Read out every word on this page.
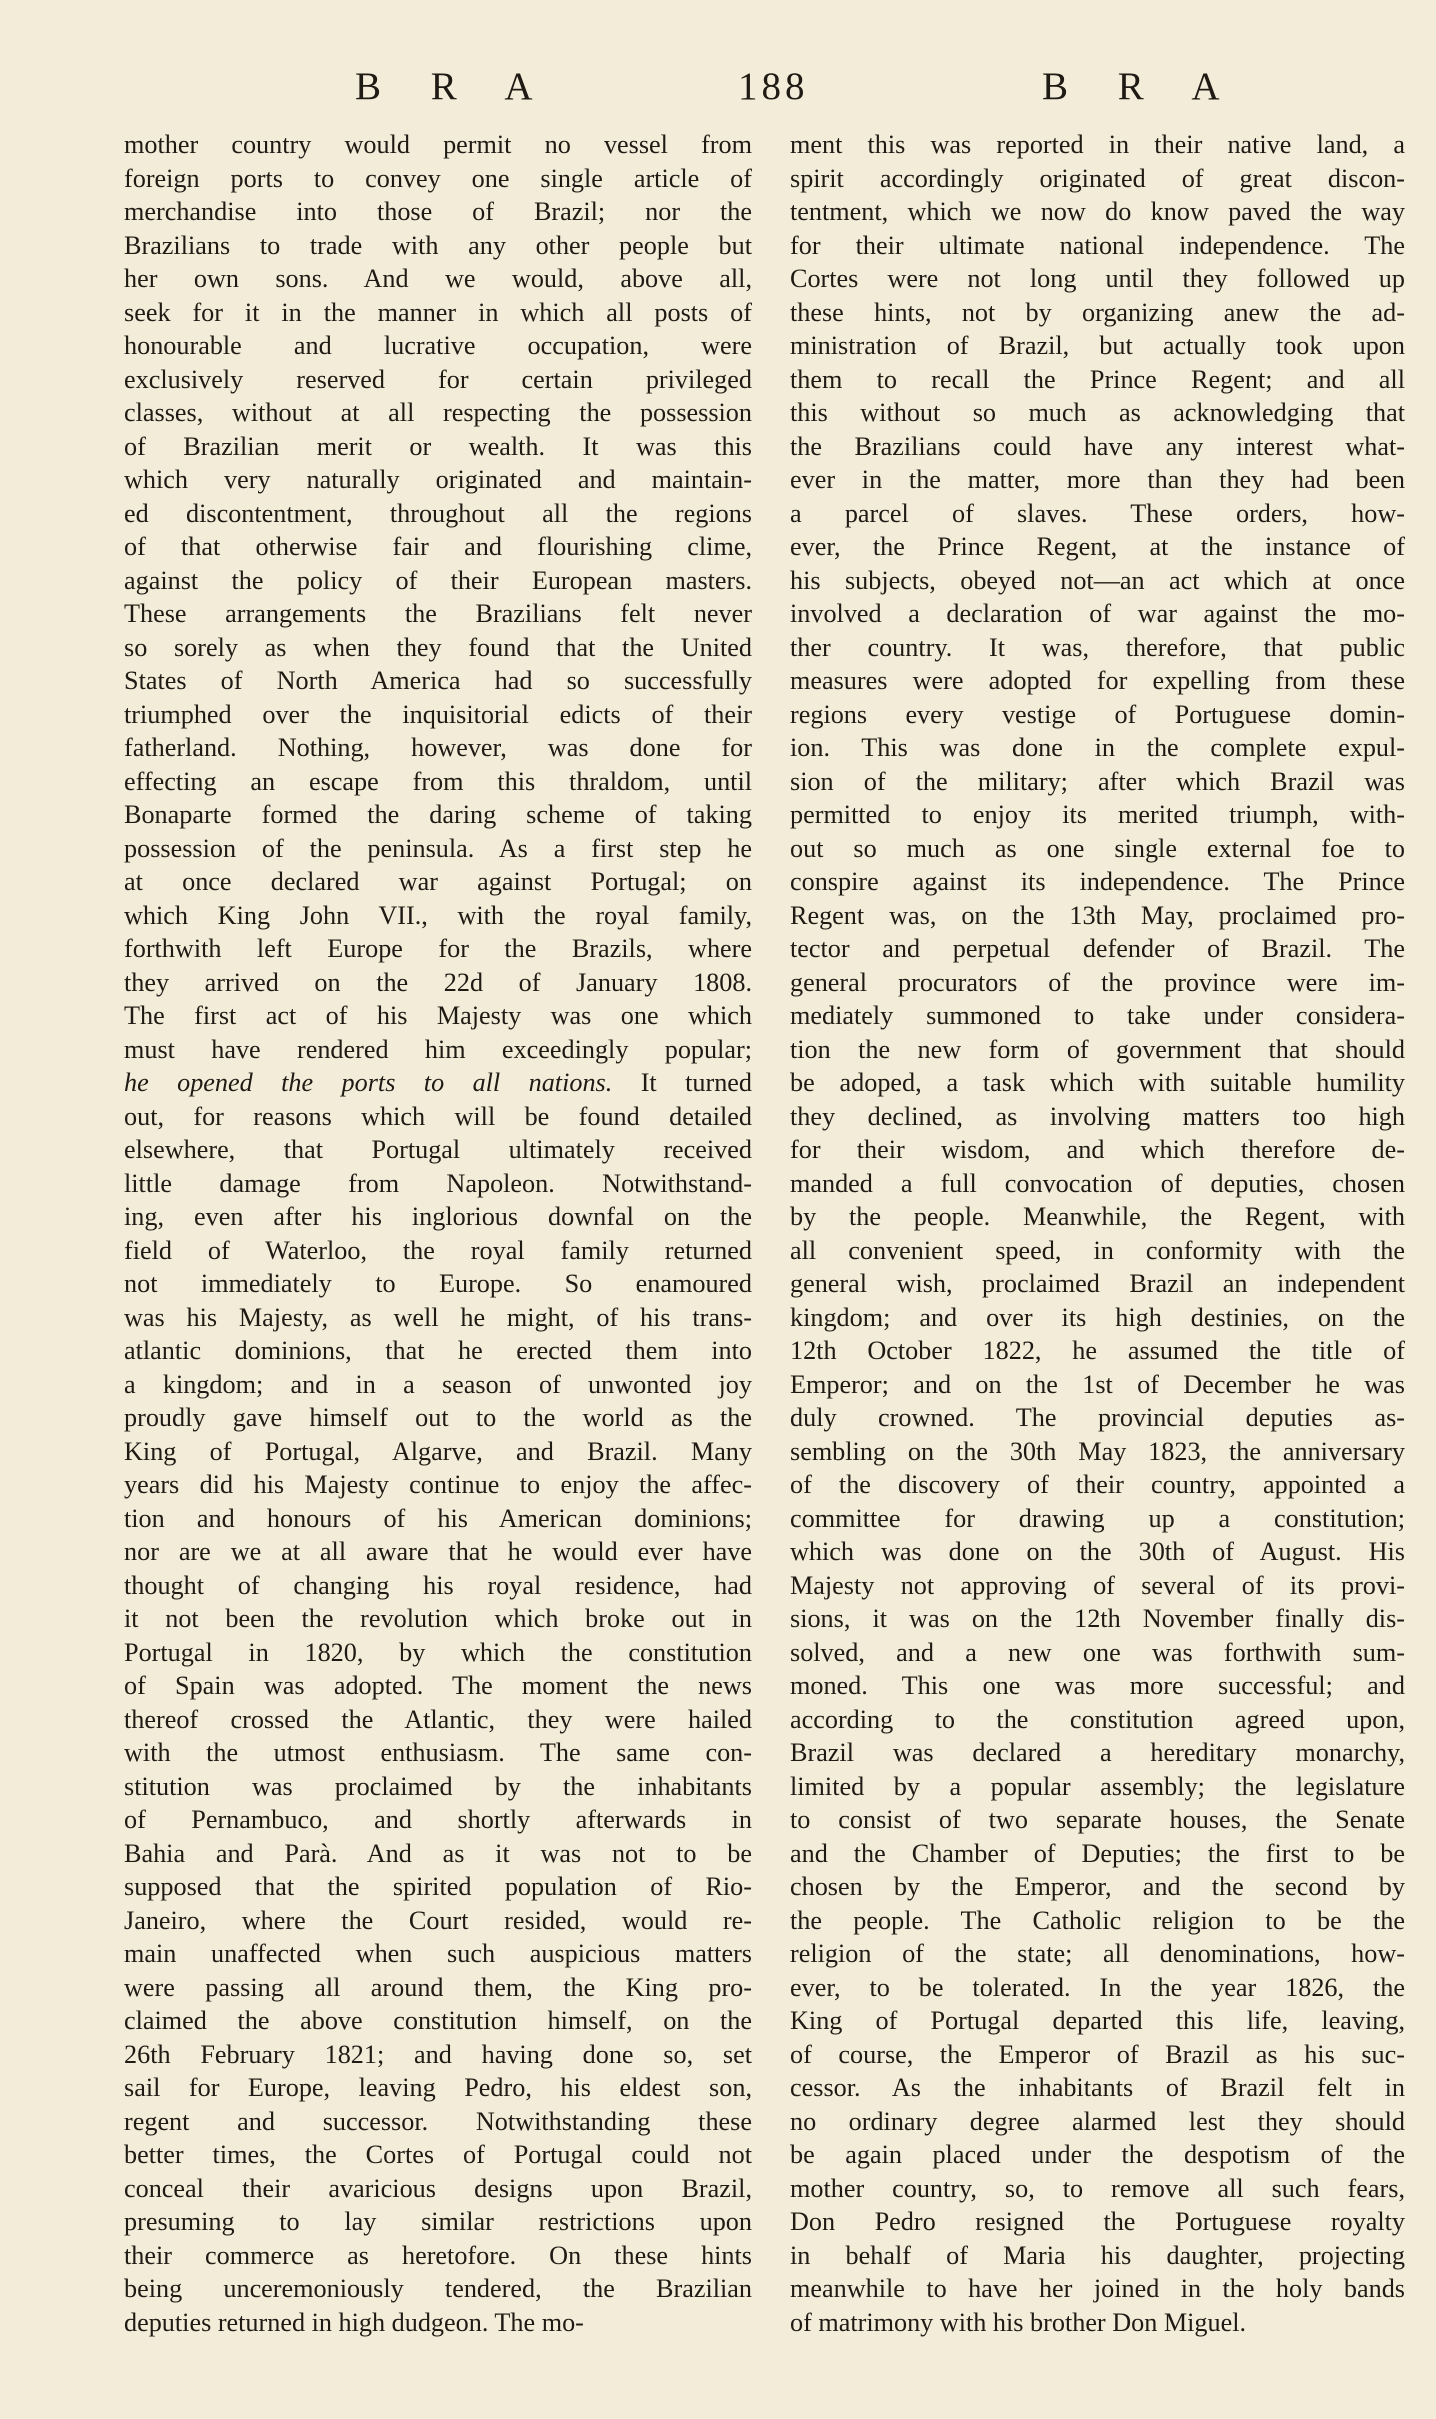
B R A	188	B R A
mother country would permit no vessel from
foreign ports to convey one single article of
merchandise into those of Brazil; nor the
Brazilians to trade with any other people but
her own sons. And we would, above all,
seek for it in the manner in which all posts of
honourable and lucrative occupation, were
exclusively reserved for certain privileged
classes, without at all respecting the possession
of Brazilian merit or wealth. It was this
which very naturally originated and maintain-
ed discontentment, throughout all the regions
of that otherwise fair and flourishing clime,
against the policy of their European masters.
These arrangements the Brazilians felt never
so sorely as when they found that the United
States of North America had so successfully
triumphed over the inquisitorial edicts of their
fatherland. Nothing, however, was done for
effecting an escape from this thraldom, until
Bonaparte formed the daring scheme of taking
possession of the peninsula. As a first step he
at once declared war against Portugal; on
which King John VII., with the royal family,
forthwith left Europe for the Brazils, where
they arrived on the 22d of January 1808.
The first act of his Majesty was one which
must have rendered him exceedingly popular;
he opened the ports to all nations. It turned
out, for reasons which will be found detailed
elsewhere, that Portugal ultimately received
little damage from Napoleon. Notwithstand-
ing, even after his inglorious downfal on the
field of Waterloo, the royal family returned
not immediately to Europe. So enamoured
was his Majesty, as well he might, of his trans-
atlantic dominions, that he erected them into
a kingdom; and in a season of unwonted joy
proudly gave himself out to the world as the
King of Portugal, Algarve, and Brazil. Many
years did his Majesty continue to enjoy the affec-
tion and honours of his American dominions;
nor are we at all aware that he would ever have
thought of changing his royal residence, had
it not been the revolution which broke out in
Portugal in 1820, by which the constitution
of Spain was adopted. The moment the news
thereof crossed the Atlantic, they were hailed
with the utmost enthusiasm. The same con-
stitution was proclaimed by the inhabitants
of Pernambuco, and shortly afterwards in
Bahia and Parà. And as it was not to be
supposed that the spirited population of Rio-
Janeiro, where the Court resided, would re-
main unaffected when such auspicious matters
were passing all around them, the King pro-
claimed the above constitution himself, on the
26th February 1821; and having done so, set
sail for Europe, leaving Pedro, his eldest son,
regent and successor. Notwithstanding these
better times, the Cortes of Portugal could not
conceal their avaricious designs upon Brazil,
presuming to lay similar restrictions upon
their commerce as heretofore. On these hints
being unceremoniously tendered, the Brazilian
deputies returned in high dudgeon. The mo-
ment this was reported in their native land, a
spirit accordingly originated of great discon-
tentment, which we now do know paved the way
for their ultimate national independence. The
Cortes were not long until they followed up
these hints, not by organizing anew the ad-
ministration of Brazil, but actually took upon
them to recall the Prince Regent; and all
this without so much as acknowledging that
the Brazilians could have any interest what-
ever in the matter, more than they had been
a parcel of slaves. These orders, how-
ever, the Prince Regent, at the instance of
his subjects, obeyed not—an act which at once
involved a declaration of war against the mo-
ther country. It was, therefore, that public
measures were adopted for expelling from these
regions every vestige of Portuguese domin-
ion. This was done in the complete expul-
sion of the military; after which Brazil was
permitted to enjoy its merited triumph, with-
out so much as one single external foe to
conspire against its independence. The Prince
Regent was, on the 13th May, proclaimed pro-
tector and perpetual defender of Brazil. The
general procurators of the province were im-
mediately summoned to take under considera-
tion the new form of government that should
be adoped, a task which with suitable humility
they declined, as involving matters too high
for their wisdom, and which therefore de-
manded a full convocation of deputies, chosen
by the people. Meanwhile, the Regent, with
all convenient speed, in conformity with the
general wish, proclaimed Brazil an independent
kingdom; and over its high destinies, on the
12th October 1822, he assumed the title of
Emperor; and on the 1st of December he was
duly crowned. The provincial deputies as-
sembling on the 30th May 1823, the anniversary
of the discovery of their country, appointed a
committee for drawing up a constitution;
which was done on the 30th of August. His
Majesty not approving of several of its provi-
sions, it was on the 12th November finally dis-
solved, and a new one was forthwith sum-
moned. This one was more successful; and
according to the constitution agreed upon,
Brazil was declared a hereditary monarchy,
limited by a popular assembly; the legislature
to consist of two separate houses, the Senate
and the Chamber of Deputies; the first to be
chosen by the Emperor, and the second by
the people. The Catholic religion to be the
religion of the state; all denominations, how-
ever, to be tolerated. In the year 1826, the
King of Portugal departed this life, leaving,
of course, the Emperor of Brazil as his suc-
cessor. As the inhabitants of Brazil felt in
no ordinary degree alarmed lest they should
be again placed under the despotism of the
mother country, so, to remove all such fears,
Don Pedro resigned the Portuguese royalty
in behalf of Maria his daughter, projecting
meanwhile to have her joined in the holy bands
of matrimony with his brother Don Miguel.
